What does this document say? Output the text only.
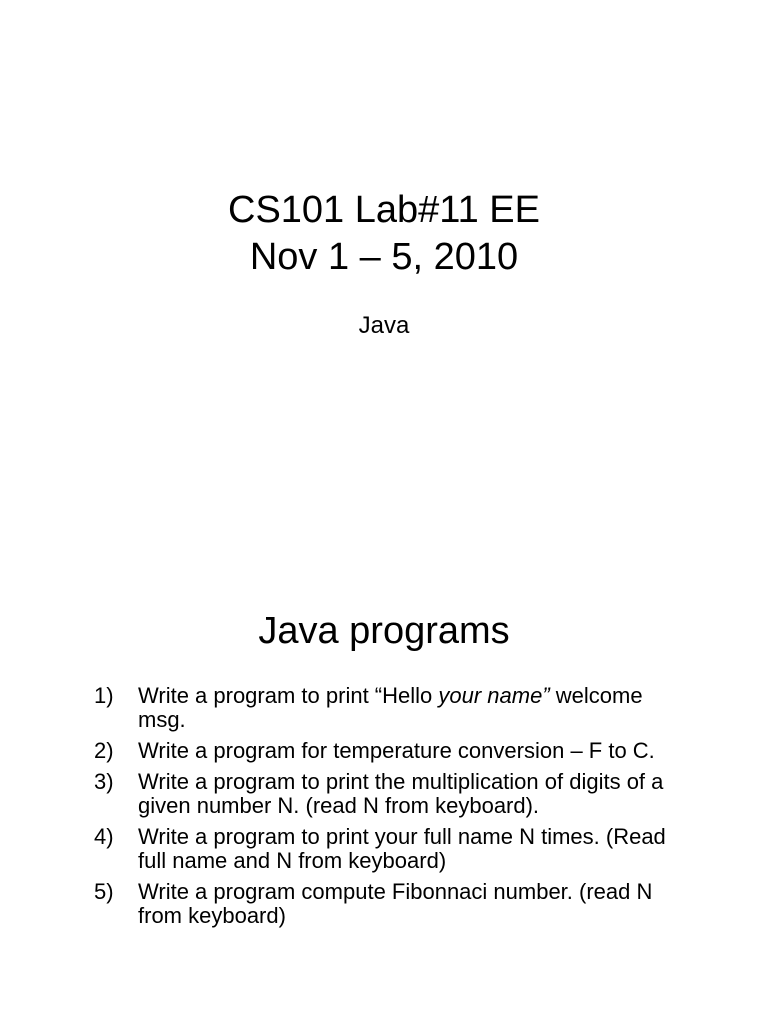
CS101 Lab#11 EE
Nov 1 – 5, 2010
Java
Java programs
1) Write a program to print “Hello your name” welcome msg.
2) Write a program for temperature conversion – F to C.
3) Write a program to print the multiplication of digits of a given number N. (read N from keyboard).
4) Write a program to print your full name N times. (Read full name and N from keyboard)
5) Write a program compute Fibonnaci number. (read N from keyboard)
